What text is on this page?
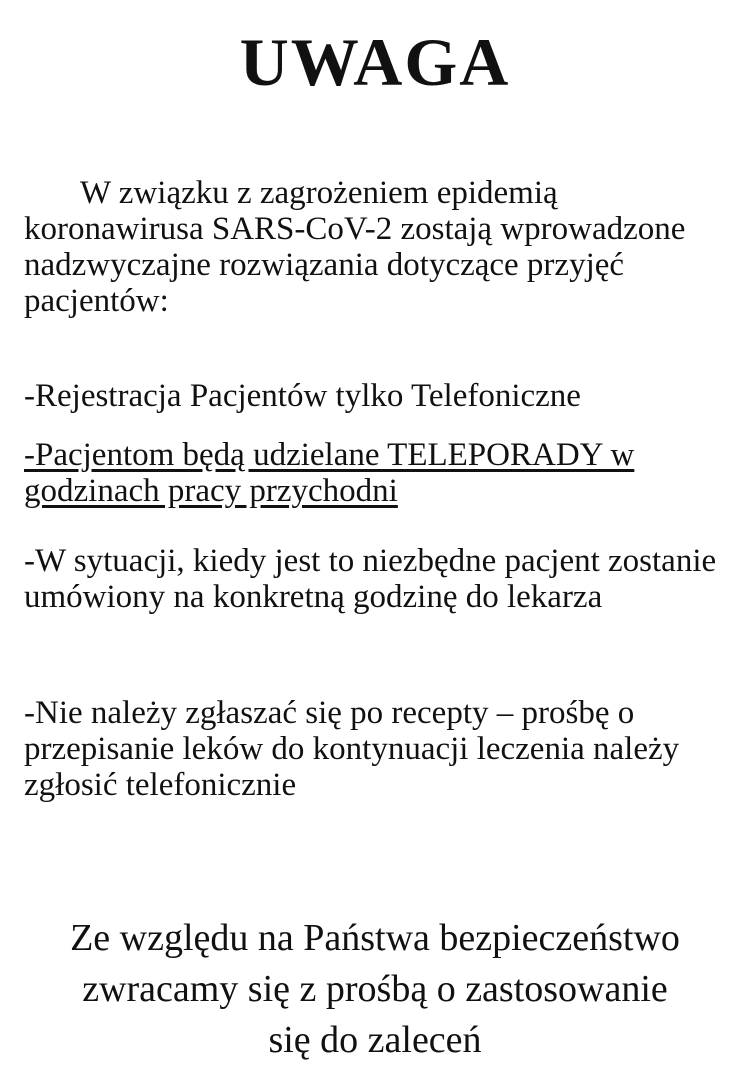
UWAGA

W związku z zagrożeniem epidemią koronawirusa SARS-CoV-2 zostają wprowadzone nadzwyczajne rozwiązania dotyczące przyjęć pacjentów:

-Rejestracja Pacjentów tylko Telefoniczne

-Pacjentom będą udzielane TELEPORADY w godzinach pracy przychodni

-W sytuacji, kiedy jest to niezbędne pacjent zostanie umówiony na konkretną godzinę do lekarza

-Nie należy zgłaszać się po recepty – prośbę o przepisanie leków do kontynuacji leczenia należy zgłosić telefonicznie

Ze względu na Państwa bezpieczeństwo
zwracamy się z prośbą o zastosowanie
się do zaleceń
